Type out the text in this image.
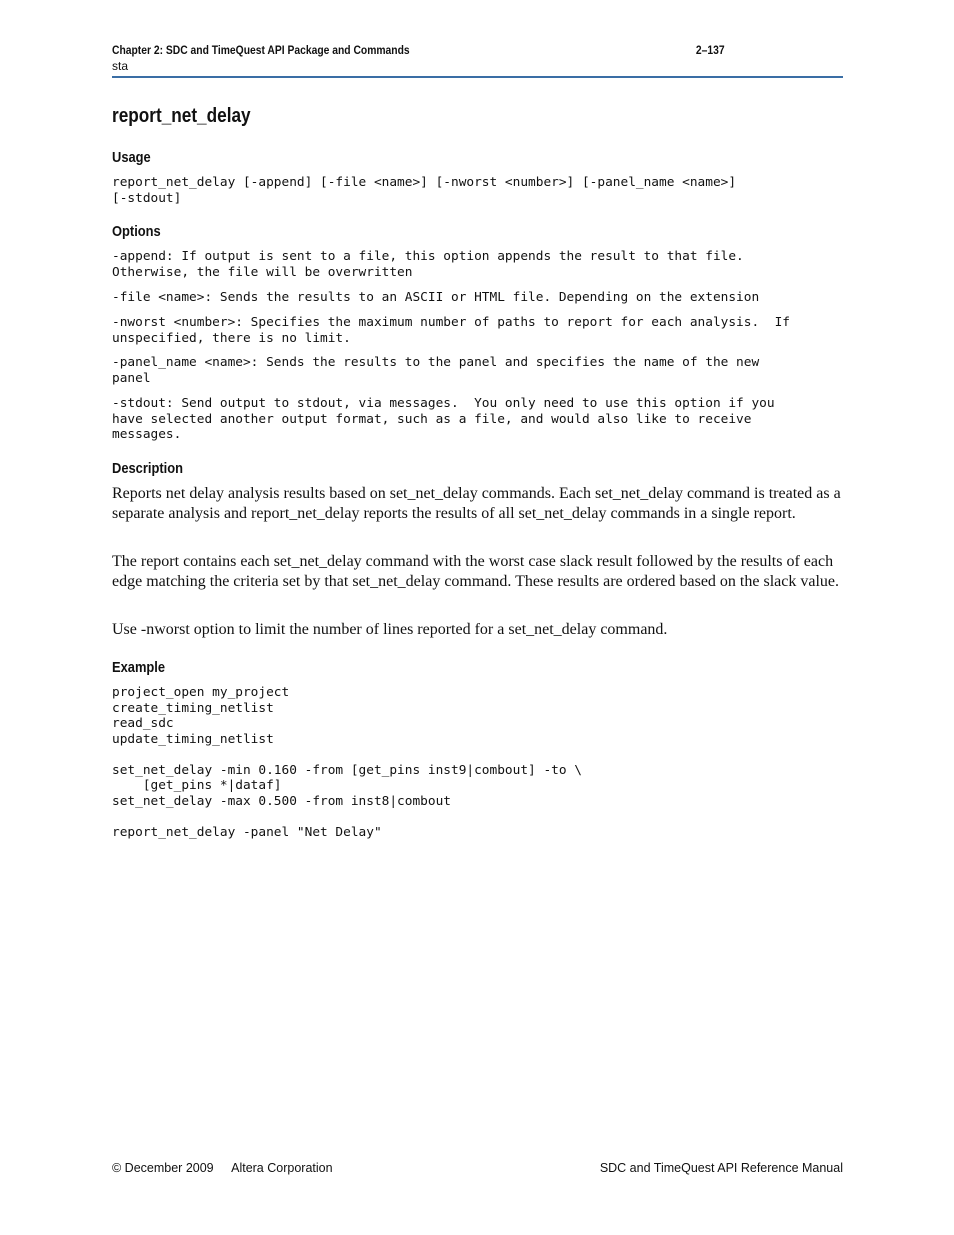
Chapter 2: SDC and TimeQuest API Package and Commands	2–137
sta
report_net_delay
Usage
report_net_delay [-append] [-file <name>] [-nworst <number>] [-panel_name <name>]
[-stdout]
Options
-append: If output is sent to a file, this option appends the result to that file.
Otherwise, the file will be overwritten
-file <name>: Sends the results to an ASCII or HTML file. Depending on the extension
-nworst <number>: Specifies the maximum number of paths to report for each analysis.  If
unspecified, there is no limit.
-panel_name <name>: Sends the results to the panel and specifies the name of the new
panel
-stdout: Send output to stdout, via messages.  You only need to use this option if you
have selected another output format, such as a file, and would also like to receive
messages.
Description

Reports net delay analysis results based on set_net_delay commands. Each set_net_delay command is treated as a separate analysis and report_net_delay reports the results of all set_net_delay commands in a single report.

The report contains each set_net_delay command with the worst case slack result followed by the results of each edge matching the criteria set by that set_net_delay command. These results are ordered based on the slack value.

Use -nworst option to limit the number of lines reported for a set_net_delay command.

Example
project_open my_project
create_timing_netlist
read_sdc
update_timing_netlist

set_net_delay -min 0.160 -from [get_pins inst9|combout] -to \
[get_pins *|dataf]
set_net_delay -max 0.500 -from inst8|combout

report_net_delay -panel "Net Delay"
© December 2009 Altera Corporation	SDC and TimeQuest API Reference Manual
